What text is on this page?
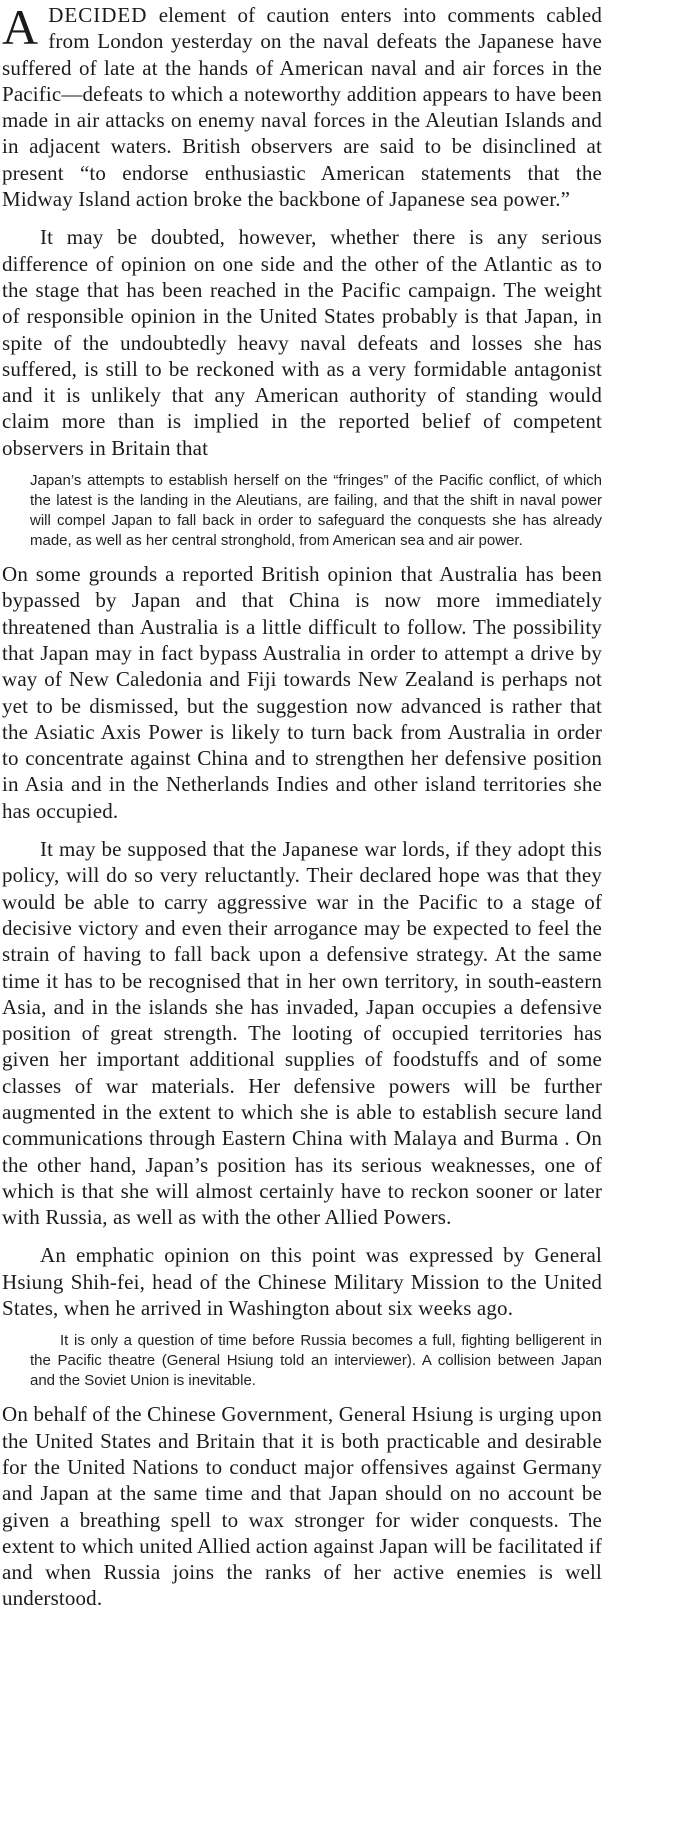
ADECIDED element of caution enters into comments cabled from London yesterday on the naval defeats the Japanese have suffered of late at the hands of American naval and air forces in the Pacific—defeats to which a noteworthy addition appears to have been made in air attacks on enemy naval forces in the Aleutian Islands and in adjacent waters. British observers are said to be disinclined at present “to endorse enthusiastic American statements that the Midway Island action broke the backbone of Japanese sea power.”

It may be doubted, however, whether there is any serious difference of opinion on one side and the other of the Atlantic as to the stage that has been reached in the Pacific campaign. The weight of responsible opinion in the United States probably is that Japan, in spite of the undoubtedly heavy naval defeats and losses she has suffered, is still to be reckoned with as a very formidable antagonist and it is unlikely that any American authority of standing would claim more than is implied in the reported belief of competent observers in Britain that

Japan’s attempts to establish herself on the “fringes” of the Pacific conflict, of which the latest is the landing in the Aleutians, are failing, and that the shift in naval power will compel Japan to fall back in order to safeguard the conquests she has already made, as well as her central stronghold, from American sea and air power.

On some grounds a reported British opinion that Australia has been bypassed by Japan and that China is now more immediately threatened than Australia is a little difficult to follow. The possibility that Japan may in fact bypass Australia in order to attempt a drive by way of New Caledonia and Fiji towards New Zealand is perhaps not yet to be dismissed, but the suggestion now advanced is rather that the Asiatic Axis Power is likely to turn back from Australia in order to concentrate against China and to strengthen her defensive position in Asia and in the Netherlands Indies and other island territories she has occupied.

It may be supposed that the Japanese war lords, if they adopt this policy, will do so very reluctantly. Their declared hope was that they would be able to carry aggressive war in the Pacific to a stage of decisive victory and even their arrogance may be expected to feel the strain of having to fall back upon a defensive strategy. At the same time it has to be recognised that in her own territory, in south-eastern Asia, and in the islands she has invaded, Japan occupies a defensive position of great strength. The looting of occupied territories has given her important additional supplies of foodstuffs and of some classes of war materials. Her defensive powers will be further augmented in the extent to which she is able to establish secure land communications through Eastern China with Malaya and Burma . On the other hand, Japan’s position has its serious weaknesses, one of which is that she will almost certainly have to reckon sooner or later with Russia, as well as with the other Allied Powers.

An emphatic opinion on this point was expressed by General Hsiung Shih-fei, head of the Chinese Military Mission to the United States, when he arrived in Washington about six weeks ago.

It is only a question of time before Russia becomes a full, fighting belligerent in the Pacific theatre (General Hsiung told an interviewer). A collision between Japan and the Soviet Union is inevitable.

On behalf of the Chinese Government, General Hsiung is urging upon the United States and Britain that it is both practicable and desirable for the United Nations to conduct major offensives against Germany and Japan at the same time and that Japan should on no account be given a breathing spell to wax stronger for wider conquests. The extent to which united Allied action against Japan will be facilitated if and when Russia joins the ranks of her active enemies is well understood.
